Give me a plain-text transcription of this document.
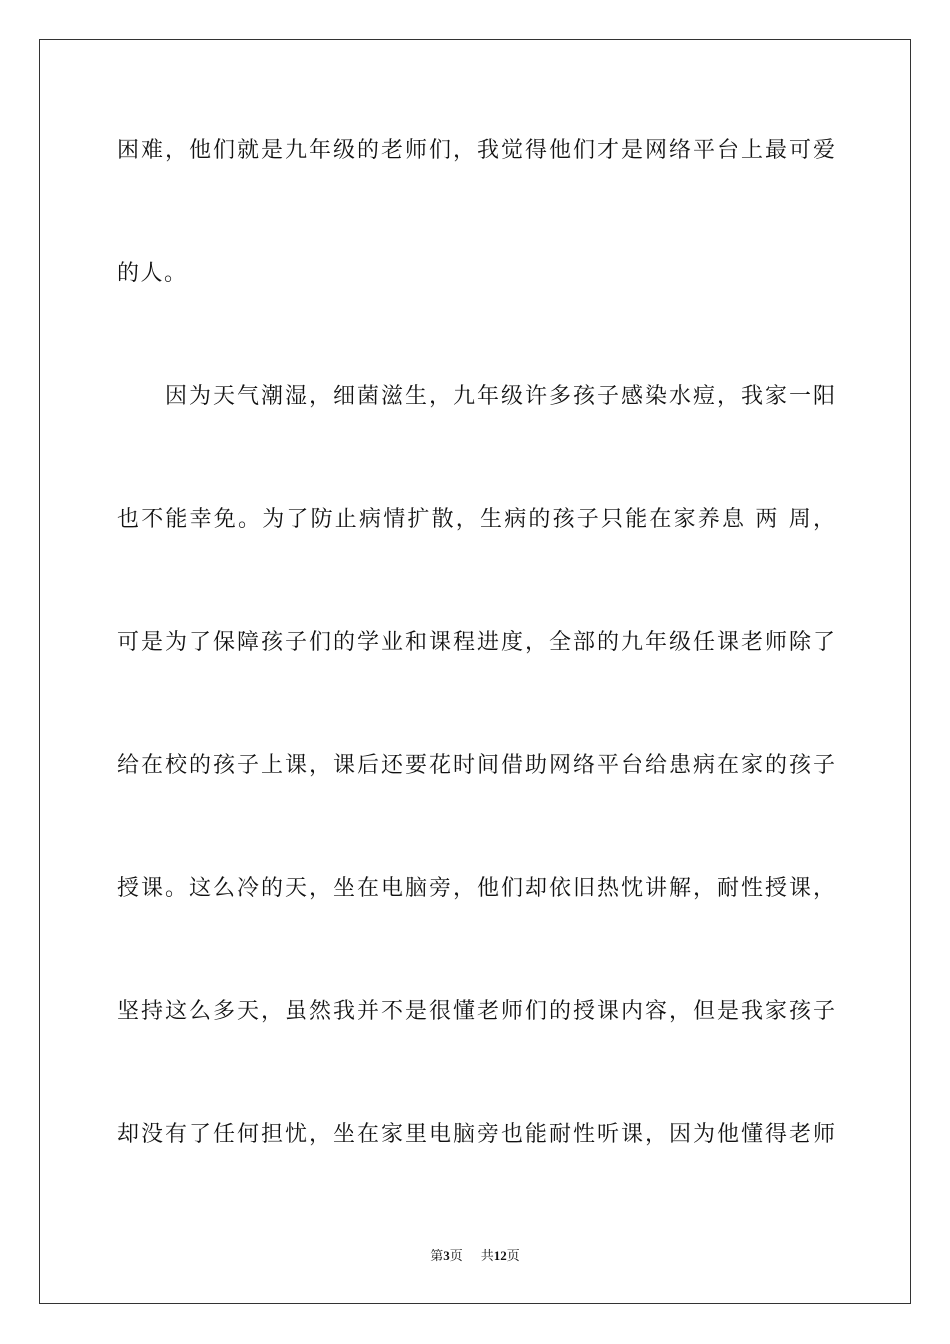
困难，他们就是九年级的老师们，我觉得他们才是网络平台上最可爱
的人。
因为天气潮湿，细菌滋生，九年级许多孩子感染水痘，我家一阳
也不能幸免。为了防止病情扩散，生病的孩子只能在家养息 两 周，
可是为了保障孩子们的学业和课程进度，全部的九年级任课老师除了
给在校的孩子上课，课后还要花时间借助网络平台给患病在家的孩子
授课。这么冷的天，坐在电脑旁，他们却依旧热忱讲解，耐性授课，
坚持这么多天，虽然我并不是很懂老师们的授课内容，但是我家孩子
却没有了任何担忧，坐在家里电脑旁也能耐性听课，因为他懂得老师
第3页 共12页
